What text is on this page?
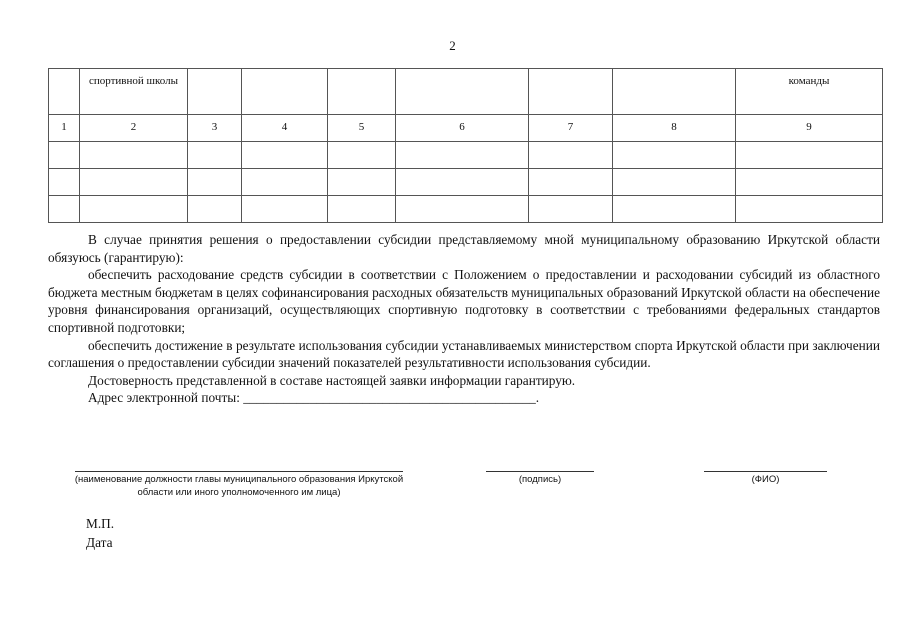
2
	спортивной школы							команды
1	2	3	4	5	6	7	8	9

В случае принятия решения о предоставлении субсидии представляемому мной муниципальному образованию Иркутской области обязуюсь (гарантирую):

обеспечить расходование средств субсидии в соответствии с Положением о предоставлении и расходовании субсидий из областного бюджета местным бюджетам в целях софинансирования расходных обязательств муниципальных образований Иркутской области на обеспечение уровня финансирования организаций, осуществляющих спортивную подготовку в соответствии с требованиями федеральных стандартов спортивной подготовки;

обеспечить достижение в результате использования субсидии устанавливаемых министерством спорта Иркутской области при заключении соглашения о предоставлении субсидии значений показателей результативности использования субсидии.

Достоверность представленной в составе настоящей заявки информации гарантирую.

Адрес электронной почты: ____________________________________________.

(наименование должности главы муниципального образования Иркутской области или иного уполномоченного им лица)
(подпись)	(ФИО)
М.П.
Дата
